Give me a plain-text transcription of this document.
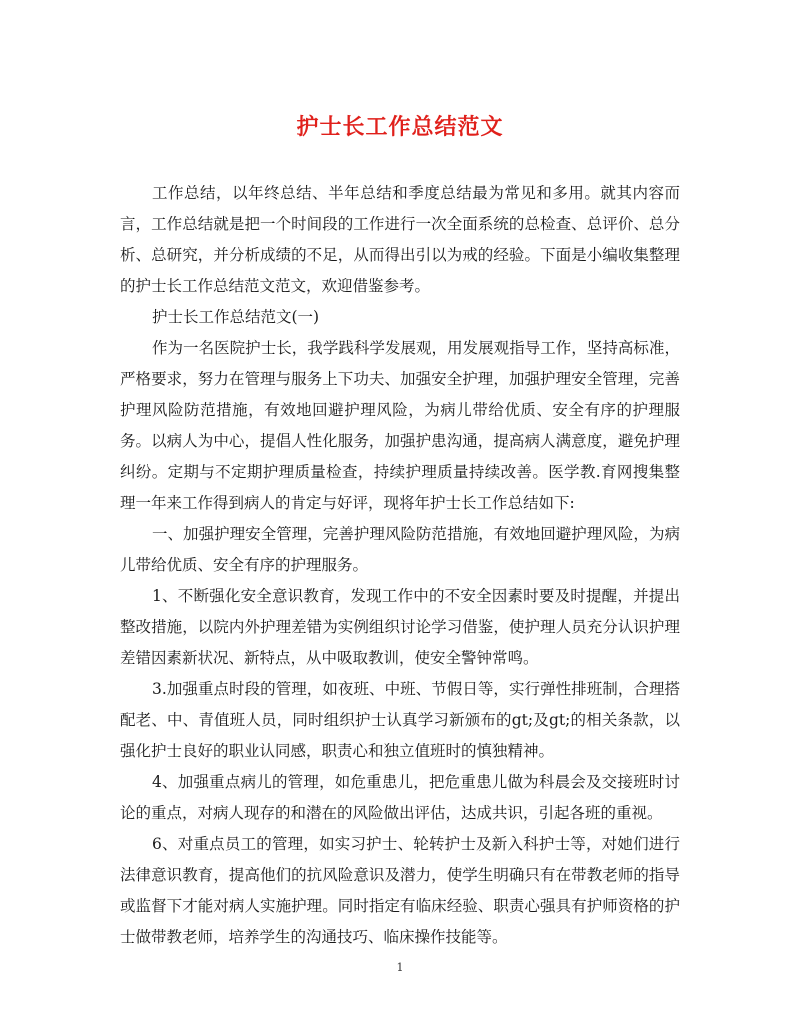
护士长工作总结范文

工作总结，以年终总结、半年总结和季度总结最为常见和多用。就其内容而言，工作总结就是把一个时间段的工作进行一次全面系统的总检查、总评价、总分析、总研究，并分析成绩的不足，从而得出引以为戒的经验。下面是小编收集整理的护士长工作总结范文范文，欢迎借鉴参考。

护士长工作总结范文(一)

作为一名医院护士长，我学践科学发展观，用发展观指导工作，坚持高标准，严格要求，努力在管理与服务上下功夫、加强安全护理，加强护理安全管理，完善护理风险防范措施，有效地回避护理风险，为病儿带给优质、安全有序的护理服务。以病人为中心，提倡人性化服务，加强护患沟通，提高病人满意度，避免护理纠纷。定期与不定期护理质量检查，持续护理质量持续改善。医学教.育网搜集整理一年来工作得到病人的肯定与好评，现将年护士长工作总结如下:

一、加强护理安全管理，完善护理风险防范措施，有效地回避护理风险，为病儿带给优质、安全有序的护理服务。

1、不断强化安全意识教育，发现工作中的不安全因素时要及时提醒，并提出整改措施，以院内外护理差错为实例组织讨论学习借鉴，使护理人员充分认识护理差错因素新状况、新特点，从中吸取教训，使安全警钟常鸣。

3.加强重点时段的管理，如夜班、中班、节假日等，实行弹性排班制，合理搭配老、中、青值班人员，同时组织护士认真学习新颁布的gt;及gt;的相关条款，以强化护士良好的职业认同感，职责心和独立值班时的慎独精神。

4、加强重点病儿的管理，如危重患儿，把危重患儿做为科晨会及交接班时讨论的重点，对病人现存的和潜在的风险做出评估，达成共识，引起各班的重视。

6、对重点员工的管理，如实习护士、轮转护士及新入科护士等，对她们进行法律意识教育，提高他们的抗风险意识及潜力，使学生明确只有在带教老师的指导或监督下才能对病人实施护理。同时指定有临床经验、职责心强具有护师资格的护士做带教老师，培养学生的沟通技巧、临床操作技能等。

1
